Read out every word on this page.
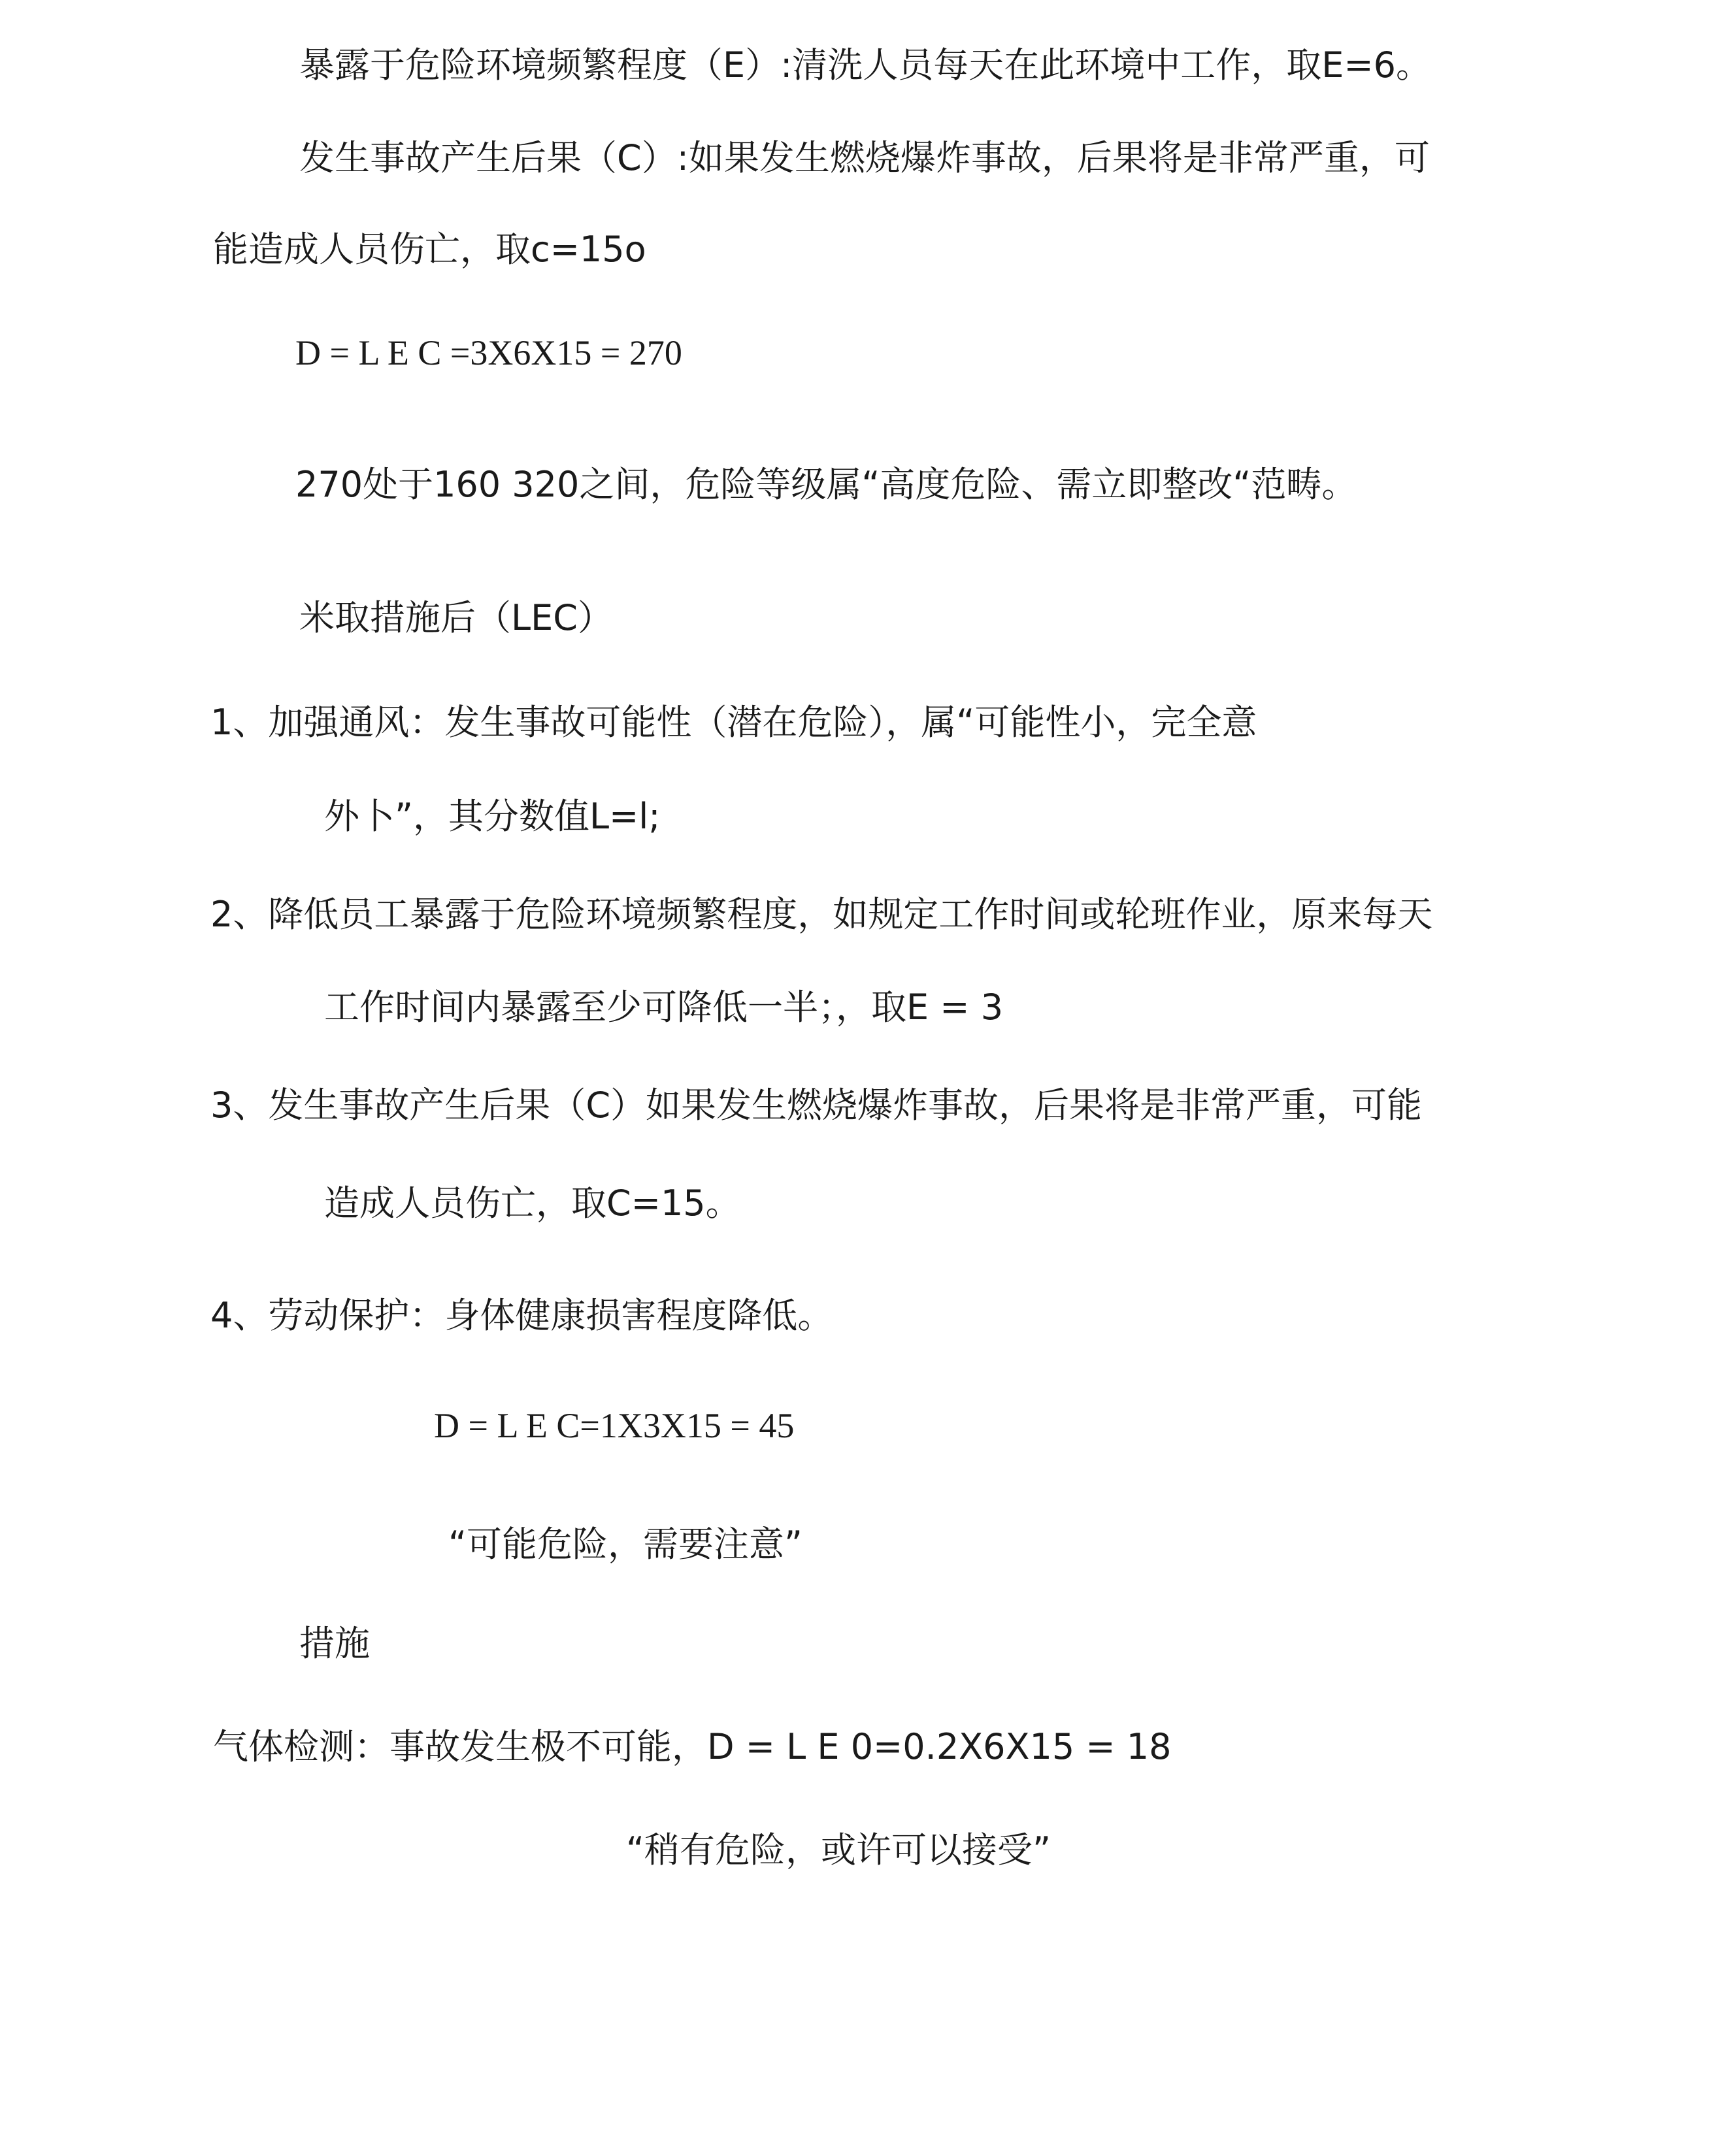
暴露于危险环境频繁程度（E）:清洗人员每天在此环境中工作，取E=6。
发生事故产生后果（C）:如果发生燃烧爆炸事故，后果将是非常严重，可
能造成人员伤亡，取c=15o
D = L E C =3X6X15 = 270
270处于160 320之间，危险等级属“高度危险、需立即整改“范畴。
米取措施后（LEC）
1、加强通风：发生事故可能性（潜在危险），属“可能性小，完全意
外卜”，其分数值L=l;
2、降低员工暴露于危险环境频繁程度，如规定工作时间或轮班作业，原来每天
工作时间内暴露至少可降低一半；，取E = 3
3、发生事故产生后果（C）如果发生燃烧爆炸事故，后果将是非常严重，可能
造成人员伤亡，取C=15。
4、劳动保护：身体健康损害程度降低。
D = L E C=1X3X15 = 45
“可能危险，需要注意”
措施
气体检测：事故发生极不可能，D = L E 0=0.2X6X15 = 18
“稍有危险，或许可以接受”
